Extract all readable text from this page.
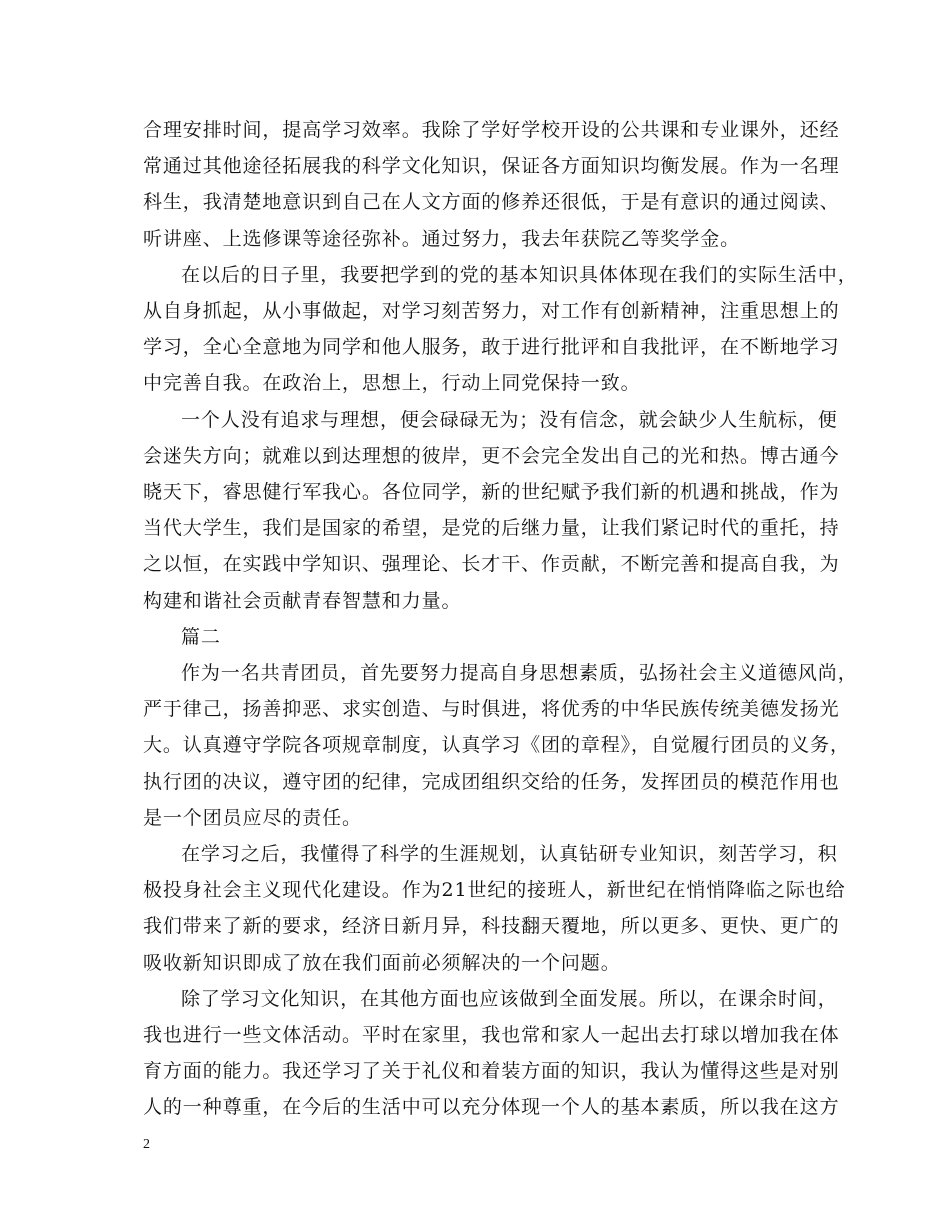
合理安排时间，提高学习效率。我除了学好学校开设的公共课和专业课外，还经
常通过其他途径拓展我的科学文化知识，保证各方面知识均衡发展。作为一名理
科生，我清楚地意识到自己在人文方面的修养还很低，于是有意识的通过阅读、
听讲座、上选修课等途径弥补。通过努力，我去年获院乙等奖学金。

在以后的日子里，我要把学到的党的基本知识具体体现在我们的实际生活中，
从自身抓起，从小事做起，对学习刻苦努力，对工作有创新精神，注重思想上的
学习，全心全意地为同学和他人服务，敢于进行批评和自我批评，在不断地学习
中完善自我。在政治上，思想上，行动上同党保持一致。

一个人没有追求与理想，便会碌碌无为；没有信念，就会缺少人生航标，便
会迷失方向；就难以到达理想的彼岸，更不会完全发出自己的光和热。博古通今
晓天下，睿思健行军我心。各位同学，新的世纪赋予我们新的机遇和挑战，作为
当代大学生，我们是国家的希望，是党的后继力量，让我们紧记时代的重托，持
之以恒，在实践中学知识、强理论、长才干、作贡献，不断完善和提高自我，为
构建和谐社会贡献青春智慧和力量。

篇二

作为一名共青团员，首先要努力提高自身思想素质，弘扬社会主义道德风尚，
严于律己，扬善抑恶、求实创造、与时俱进，将优秀的中华民族传统美德发扬光
大。认真遵守学院各项规章制度，认真学习《团的章程》，自觉履行团员的义务，
执行团的决议，遵守团的纪律，完成团组织交给的任务，发挥团员的模范作用也
是一个团员应尽的责任。

在学习之后，我懂得了科学的生涯规划，认真钻研专业知识，刻苦学习，积
极投身社会主义现代化建设。作为21世纪的接班人，新世纪在悄悄降临之际也给
我们带来了新的要求，经济日新月异，科技翻天覆地，所以更多、更快、更广的
吸收新知识即成了放在我们面前必须解决的一个问题。

除了学习文化知识，在其他方面也应该做到全面发展。所以，在课余时间，
我也进行一些文体活动。平时在家里，我也常和家人一起出去打球以增加我在体
育方面的能力。我还学习了关于礼仪和着装方面的知识，我认为懂得这些是对别
人的一种尊重，在今后的生活中可以充分体现一个人的基本素质，所以我在这方

2
